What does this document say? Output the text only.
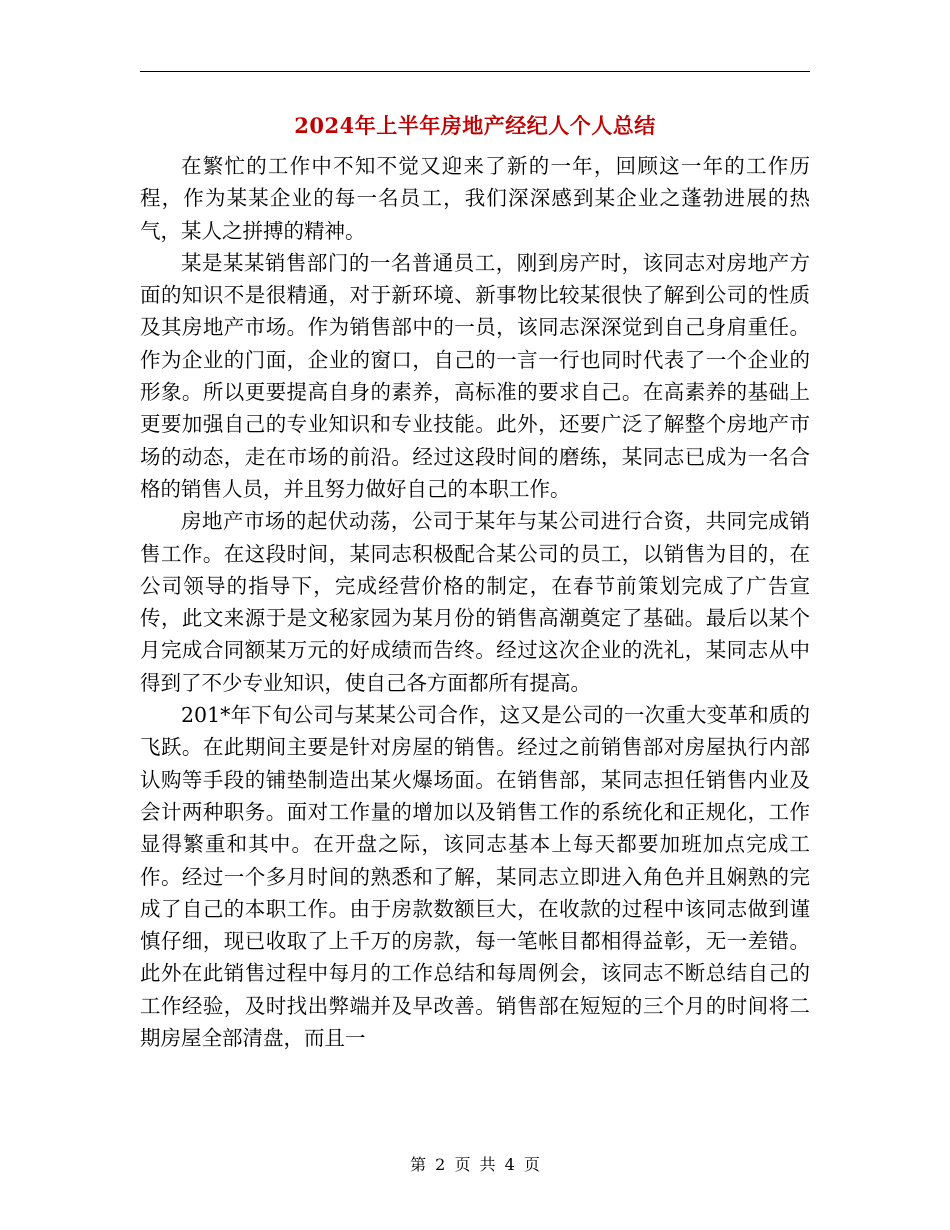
2024年上半年房地产经纪人个人总结

在繁忙的工作中不知不觉又迎来了新的一年，回顾这一年的工作历程，作为某某企业的每一名员工，我们深深感到某企业之蓬勃进展的热气，某人之拼搏的精神。

某是某某销售部门的一名普通员工，刚到房产时，该同志对房地产方面的知识不是很精通，对于新环境、新事物比较某很快了解到公司的性质及其房地产市场。作为销售部中的一员，该同志深深觉到自己身肩重任。作为企业的门面，企业的窗口，自己的一言一行也同时代表了一个企业的形象。所以更要提高自身的素养，高标准的要求自己。在高素养的基础上更要加强自己的专业知识和专业技能。此外，还要广泛了解整个房地产市场的动态，走在市场的前沿。经过这段时间的磨练，某同志已成为一名合格的销售人员，并且努力做好自己的本职工作。

房地产市场的起伏动荡，公司于某年与某公司进行合资，共同完成销售工作。在这段时间，某同志积极配合某公司的员工，以销售为目的，在公司领导的指导下，完成经营价格的制定，在春节前策划完成了广告宣传，此文来源于是文秘家园为某月份的销售高潮奠定了基础。最后以某个月完成合同额某万元的好成绩而告终。经过这次企业的洗礼，某同志从中得到了不少专业知识，使自己各方面都所有提高。

201*年下旬公司与某某公司合作，这又是公司的一次重大变革和质的飞跃。在此期间主要是针对房屋的销售。经过之前销售部对房屋执行内部认购等手段的铺垫制造出某火爆场面。在销售部，某同志担任销售内业及会计两种职务。面对工作量的增加以及销售工作的系统化和正规化，工作显得繁重和其中。在开盘之际，该同志基本上每天都要加班加点完成工作。经过一个多月时间的熟悉和了解，某同志立即进入角色并且娴熟的完成了自己的本职工作。由于房款数额巨大，在收款的过程中该同志做到谨慎仔细，现已收取了上千万的房款，每一笔帐目都相得益彰，无一差错。此外在此销售过程中每月的工作总结和每周例会，该同志不断总结自己的工作经验，及时找出弊端并及早改善。销售部在短短的三个月的时间将二期房屋全部清盘，而且一

第 2 页 共 4 页
